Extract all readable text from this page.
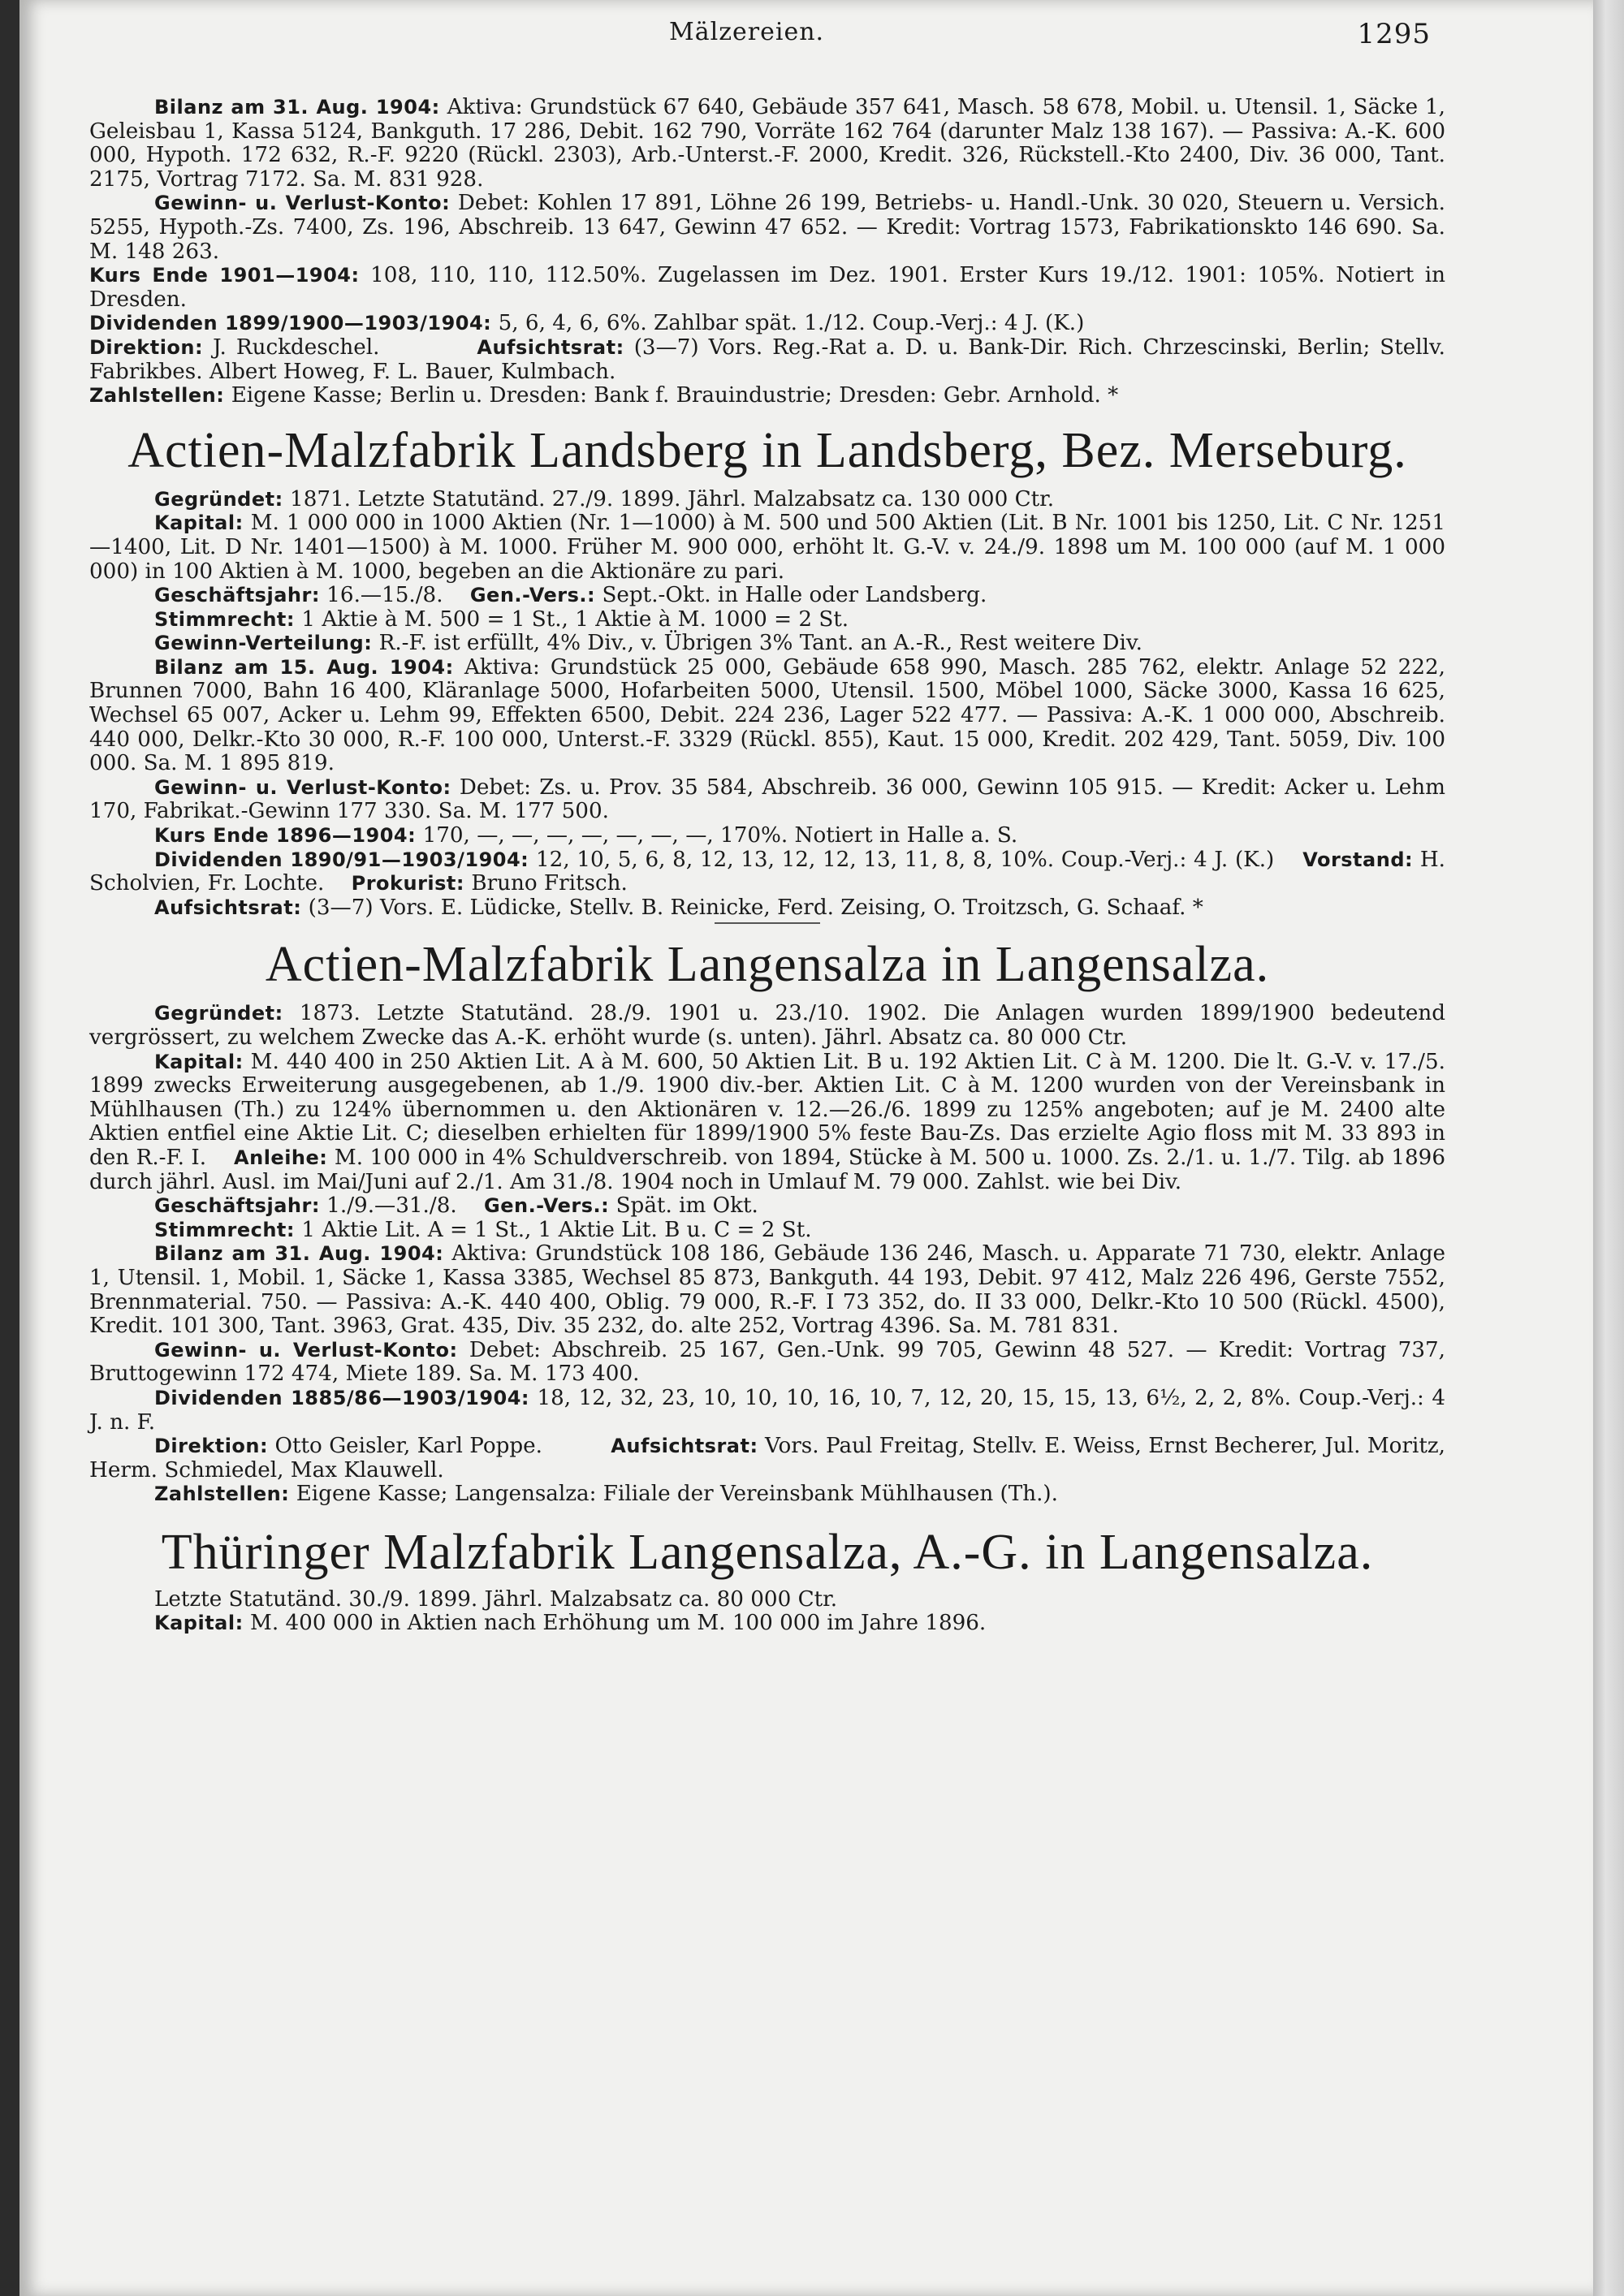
Mälzereien.	1295

Bilanz am 31. Aug. 1904: Aktiva: Grundstück 67 640, Gebäude 357 641, Masch. 58 678, Mobil. u. Utensil. 1, Säcke 1, Geleisbau 1, Kassa 5124, Bankguth. 17 286, Debit. 162 790, Vorräte 162 764 (darunter Malz 138 167). — Passiva: A.-K. 600 000, Hypoth. 172 632, R.-F. 9220 (Rückl. 2303), Arb.-Unterst.-F. 2000, Kredit. 326, Rückstell.-Kto 2400, Div. 36 000, Tant. 2175, Vortrag 7172. Sa. M. 831 928.

Gewinn- u. Verlust-Konto: Debet: Kohlen 17 891, Löhne 26 199, Betriebs- u. Handl.-Unk. 30 020, Steuern u. Versich. 5255, Hypoth.-Zs. 7400, Zs. 196, Abschreib. 13 647, Gewinn 47 652. — Kredit: Vortrag 1573, Fabrikationskto 146 690. Sa. M. 148 263.

Kurs Ende 1901—1904: 108, 110, 110, 112.50%. Zugelassen im Dez. 1901. Erster Kurs 19./12. 1901: 105%. Notiert in Dresden.

Dividenden 1899/1900—1903/1904: 5, 6, 4, 6, 6%. Zahlbar spät. 1./12. Coup.-Verj.: 4 J. (K.)

Direktion: J. Ruckdeschel.	Aufsichtsrat: (3—7) Vors. Reg.-Rat a. D. u. Bank-Dir. Rich. Chrzescinski, Berlin; Stellv. Fabrikbes. Albert Howeg, F. L. Bauer, Kulmbach.

Zahlstellen: Eigene Kasse; Berlin u. Dresden: Bank f. Brauindustrie; Dresden: Gebr. Arnhold. *

Actien-Malzfabrik Landsberg in Landsberg, Bez. Merseburg.

Gegründet: 1871. Letzte Statutänd. 27./9. 1899. Jährl. Malzabsatz ca. 130 000 Ctr.

Kapital: M. 1 000 000 in 1000 Aktien (Nr. 1—1000) à M. 500 und 500 Aktien (Lit. B Nr. 1001 bis 1250, Lit. C Nr. 1251—1400, Lit. D Nr. 1401—1500) à M. 1000. Früher M. 900 000, erhöht lt. G.-V. v. 24./9. 1898 um M. 100 000 (auf M. 1 000 000) in 100 Aktien à M. 1000, begeben an die Aktionäre zu pari.

Geschäftsjahr: 16.—15./8. Gen.-Vers.: Sept.-Okt. in Halle oder Landsberg.

Stimmrecht: 1 Aktie à M. 500 = 1 St., 1 Aktie à M. 1000 = 2 St.

Gewinn-Verteilung: R.-F. ist erfüllt, 4% Div., v. Übrigen 3% Tant. an A.-R., Rest weitere Div.

Bilanz am 15. Aug. 1904: Aktiva: Grundstück 25 000, Gebäude 658 990, Masch. 285 762, elektr. Anlage 52 222, Brunnen 7000, Bahn 16 400, Kläranlage 5000, Hofarbeiten 5000, Utensil. 1500, Möbel 1000, Säcke 3000, Kassa 16 625, Wechsel 65 007, Acker u. Lehm 99, Effekten 6500, Debit. 224 236, Lager 522 477. — Passiva: A.-K. 1 000 000, Abschreib. 440 000, Delkr.-Kto 30 000, R.-F. 100 000, Unterst.-F. 3329 (Rückl. 855), Kaut. 15 000, Kredit. 202 429, Tant. 5059, Div. 100 000. Sa. M. 1 895 819.

Gewinn- u. Verlust-Konto: Debet: Zs. u. Prov. 35 584, Abschreib. 36 000, Gewinn 105 915. — Kredit: Acker u. Lehm 170, Fabrikat.-Gewinn 177 330. Sa. M. 177 500.

Kurs Ende 1896—1904: 170, —, —, —, —, —, —, —, 170%. Notiert in Halle a. S.

Dividenden 1890/91—1903/1904: 12, 10, 5, 6, 8, 12, 13, 12, 12, 13, 11, 8, 8, 10%. Coup.-Verj.: 4 J. (K.) Vorstand: H. Scholvien, Fr. Lochte. Prokurist: Bruno Fritsch.

Aufsichtsrat: (3—7) Vors. E. Lüdicke, Stellv. B. Reinicke, Ferd. Zeising, O. Troitzsch, G. Schaaf. *

Actien-Malzfabrik Langensalza in Langensalza.

Gegründet: 1873. Letzte Statutänd. 28./9. 1901 u. 23./10. 1902. Die Anlagen wurden 1899/1900 bedeutend vergrössert, zu welchem Zwecke das A.-K. erhöht wurde (s. unten). Jährl. Absatz ca. 80 000 Ctr.

Kapital: M. 440 400 in 250 Aktien Lit. A à M. 600, 50 Aktien Lit. B u. 192 Aktien Lit. C à M. 1200. Die lt. G.-V. v. 17./5. 1899 zwecks Erweiterung ausgegebenen, ab 1./9. 1900 div.-ber. Aktien Lit. C à M. 1200 wurden von der Vereinsbank in Mühlhausen (Th.) zu 124% übernommen u. den Aktionären v. 12.—26./6. 1899 zu 125% angeboten; auf je M. 2400 alte Aktien entfiel eine Aktie Lit. C; dieselben erhielten für 1899/1900 5% feste Bau-Zs. Das erzielte Agio floss mit M. 33 893 in den R.-F. I. Anleihe: M. 100 000 in 4% Schuldverschreib. von 1894, Stücke à M. 500 u. 1000. Zs. 2./1. u. 1./7. Tilg. ab 1896 durch jährl. Ausl. im Mai/Juni auf 2./1. Am 31./8. 1904 noch in Umlauf M. 79 000. Zahlst. wie bei Div.

Geschäftsjahr: 1./9.—31./8. Gen.-Vers.: Spät. im Okt.

Stimmrecht: 1 Aktie Lit. A = 1 St., 1 Aktie Lit. B u. C = 2 St.

Bilanz am 31. Aug. 1904: Aktiva: Grundstück 108 186, Gebäude 136 246, Masch. u. Apparate 71 730, elektr. Anlage 1, Utensil. 1, Mobil. 1, Säcke 1, Kassa 3385, Wechsel 85 873, Bankguth. 44 193, Debit. 97 412, Malz 226 496, Gerste 7552, Brennmaterial. 750. — Passiva: A.-K. 440 400, Oblig. 79 000, R.-F. I 73 352, do. II 33 000, Delkr.-Kto 10 500 (Rückl. 4500), Kredit. 101 300, Tant. 3963, Grat. 435, Div. 35 232, do. alte 252, Vortrag 4396. Sa. M. 781 831.

Gewinn- u. Verlust-Konto: Debet: Abschreib. 25 167, Gen.-Unk. 99 705, Gewinn 48 527. — Kredit: Vortrag 737, Bruttogewinn 172 474, Miete 189. Sa. M. 173 400.

Dividenden 1885/86—1903/1904: 18, 12, 32, 23, 10, 10, 10, 16, 10, 7, 12, 20, 15, 15, 13, 6½, 2, 2, 8%. Coup.-Verj.: 4 J. n. F.

Direktion: Otto Geisler, Karl Poppe.	Aufsichtsrat: Vors. Paul Freitag, Stellv. E. Weiss, Ernst Becherer, Jul. Moritz, Herm. Schmiedel, Max Klauwell.

Zahlstellen: Eigene Kasse; Langensalza: Filiale der Vereinsbank Mühlhausen (Th.).

Thüringer Malzfabrik Langensalza, A.-G. in Langensalza.

Letzte Statutänd. 30./9. 1899. Jährl. Malzabsatz ca. 80 000 Ctr.

Kapital: M. 400 000 in Aktien nach Erhöhung um M. 100 000 im Jahre 1896.
